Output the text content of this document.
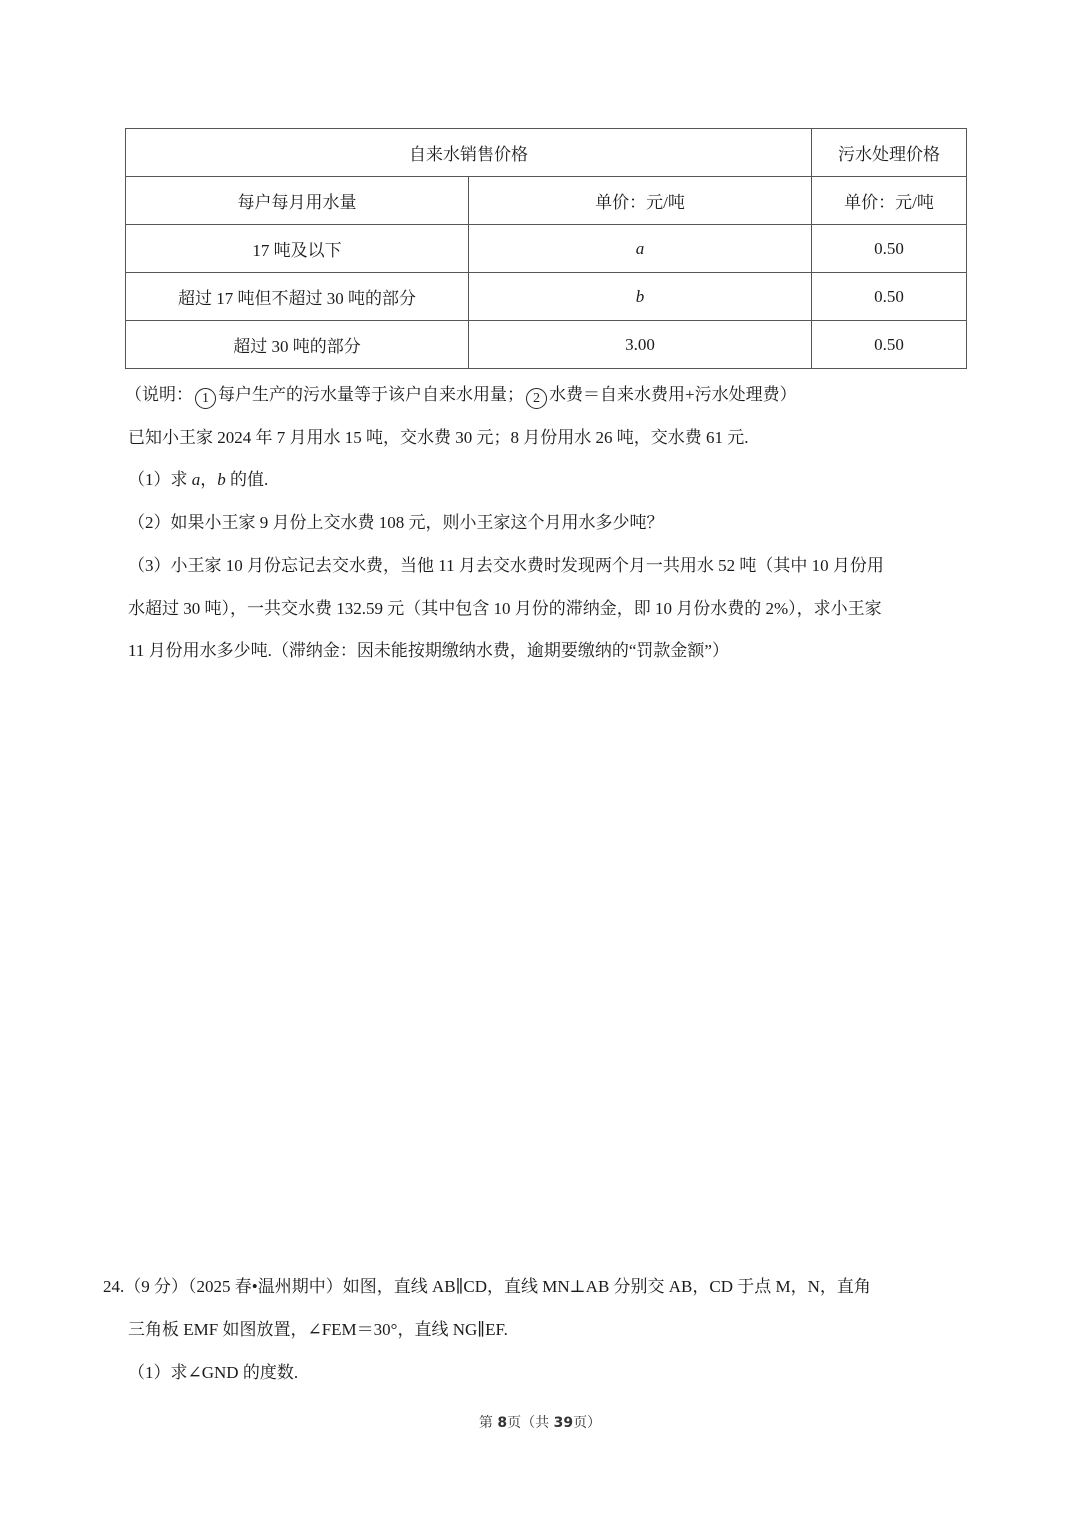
自来水销售价格		污水处理价格
每户每月用水量	单价：元/吨	单价：元/吨
17 吨及以下	a	0.50
超过 17 吨但不超过 30 吨的部分	b	0.50
超过 30 吨的部分	3.00	0.50
（说明： 1 每户生产的污水量等于该户自来水用量； 2 水费＝自来水费用+污水处理费）
已知小王家 2024 年 7 月用水 15 吨，交水费 30 元；8 月份用水 26 吨，交水费 61 元.
（1）求 a，b 的值.
（2）如果小王家 9 月份上交水费 108 元，则小王家这个月用水多少吨？
（3）小王家 10 月份忘记去交水费，当他 11 月去交水费时发现两个月一共用水 52 吨（其中 10 月份用
水超过 30 吨），一共交水费 132.59 元（其中包含 10 月份的滞纳金，即 10 月份水费的 2%），求小王家
11 月份用水多少吨.（滞纳金：因未能按期缴纳水费，逾期要缴纳的“罚款金额”）
24.（9 分）（2025 春•温州期中）如图，直线 AB∥CD，直线 MN⊥AB 分别交 AB，CD 于点 M，N，直角
三角板 EMF 如图放置，∠FEM＝30°，直线 NG∥EF.
（1）求∠GND 的度数.
第 8页（共 39页）
